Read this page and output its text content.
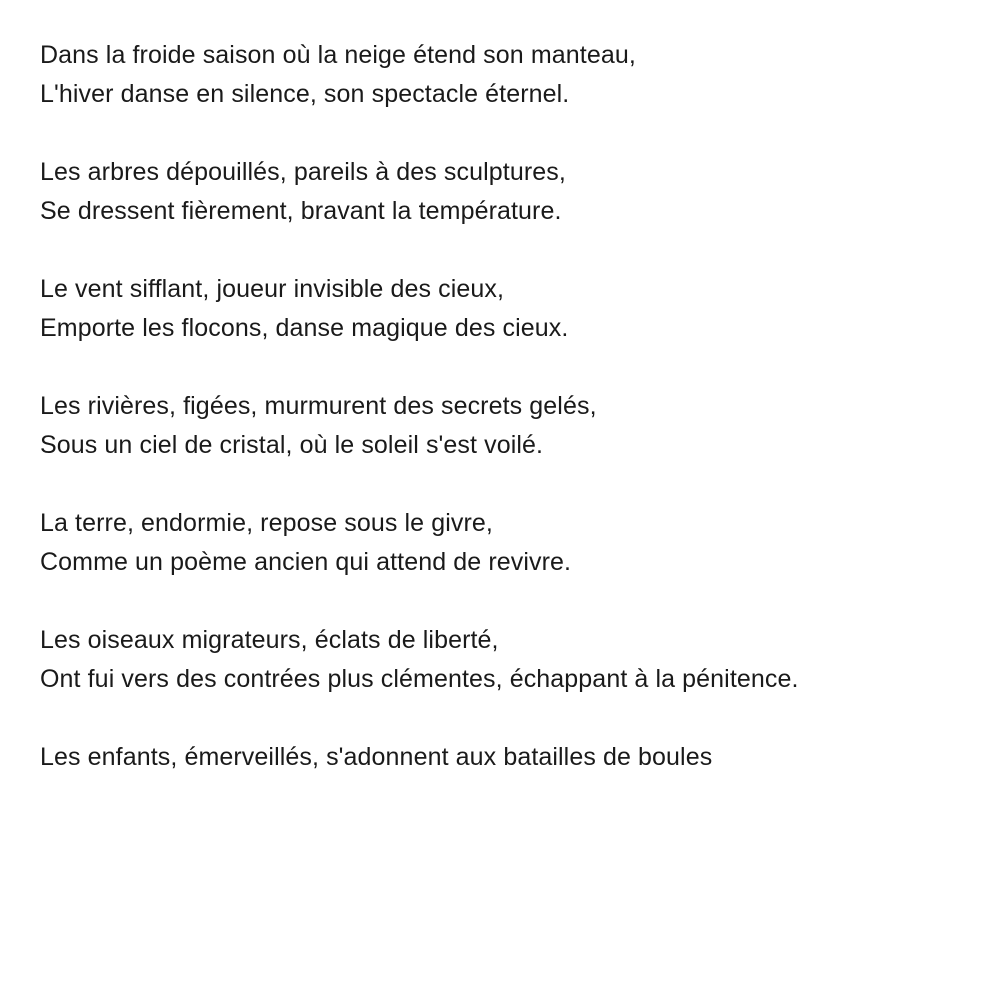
Dans la froide saison où la neige étend son manteau,
L'hiver danse en silence, son spectacle éternel.
Les arbres dépouillés, pareils à des sculptures,
Se dressent fièrement, bravant la température.
Le vent sifflant, joueur invisible des cieux,
Emporte les flocons, danse magique des cieux.
Les rivières, figées, murmurent des secrets gelés,
Sous un ciel de cristal, où le soleil s'est voilé.
La terre, endormie, repose sous le givre,
Comme un poème ancien qui attend de revivre.
Les oiseaux migrateurs, éclats de liberté,
Ont fui vers des contrées plus clémentes, échappant à la pénitence.
Les enfants, émerveillés, s'adonnent aux batailles de boules
